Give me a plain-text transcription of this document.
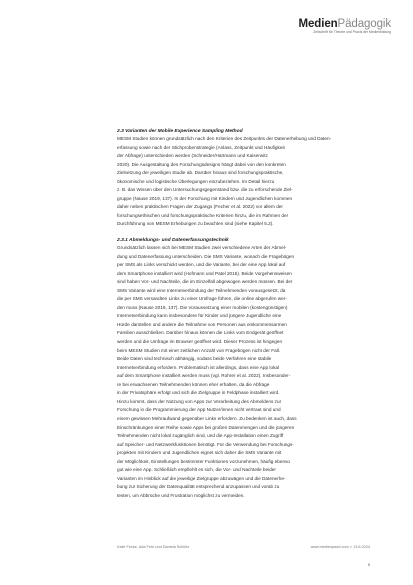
MedienPädagogik
Zeitschrift für Theorie und Praxis der Medienbildung
2.3 Varianten der Mobile Experience Sampling Method
MESM Studien können grundsätzlich nach den Kriterien des Zeitpunkts der Datenerhebung und Daten-
erfassung sowie nach der Stichprobenstrategie (Anlass, Zeitpunkt und Häufigkeit
der Abfrage) unterschieden werden (Schneider/Hartmann und Kaiserwitz
2020). Die Ausgestaltung des Forschungsdesigns hängt dabei von den konkreten
Zielsetzung der jeweiligen Studie ab. Darüber hinaus sind forschungspraktische,
ökonomische und logistische Überlegungen einzubeziehen. Im Detail hierzu
z. B. das Wissen über den Untersuchungsgegenstand bzw. die zu erforschende Ziel-
gruppe (Nause 2019, 137). In der Forschung mit Kindern und Jugendlichen kommen
daher neben praktischen Fragen der Zugangs (Fecher et al. 2022) vor allem der
forschungsethischen und forschungspraktische Kriterien hinzu, die im Rahmen der
Durchführung von MESM Erhebungen zu beachten sind (siehe Kapitel 5.2).
2.3.1 Abmeldungs- und Datenerfassungstechnik
Grundsätzlich lassen sich bei MESM Studien zwei verschiedene Arten der Abmel-
dung und Datenerfassung unterscheiden. Die SMS Variante, wonach die Fragebögen
per SMS als Links verschickt werden, und die Variante, bei der eine App lokal auf
dem Smartphone installiert wird (Hofmann und Patel 2015). Beide Vorgehensweisen
sind haben Vor- und Nachteile, die im Einzelfall abgewogen werden müssen. Bei der
SMS Variante wird eine Internetverbindung der Teilnehmenden vorausgesetzt, da
die per SMS versandten Links zu einer Umfrage führen, die online abgerufen wer-
den muss (Nause 2019, 137). Die Voraussetzung einer mobilen (kostengünstigen)
Internetverbindung kann insbesondere für Kinder und jüngere Jugendliche eine
Hürde darstellen und andere die Teilnahme von Personen aus einkommensarmen
Familien ausschließen. Darüber hinaus können die Links vom Endgerät geöffnet
werden und die Umfrage im Browser geöffnet wird. Dieser Prozess ist hingegen
beim MESM Studien mit einer zeitlichen Anzahl von Fragebögen nicht der Fall.
Beide Daten sind technisch abhängig, sodass beide Verfahren eine stabile
Internetverbindung erfordern. Problematisch ist allerdings, dass eine App lokal
auf dem Smartphone installiert werden muss (vgl. Rohrer et al. 2022). Insbesonder-
re bei erwachsenen Teilnehmenden können eher erhalten, da die Abfrage
in der Privatsphäre erfolgt und sich die Zielgruppe in Feldphase installiert wird.
Hinzu kommt, dass der Nutzung von Apps zur Verarbeitung des Abmeldens zur
Forschung in die Programmierung der App Nutzer/innen nicht vertraut sind und
einem gewissen Mehraufwand gegenüber Links erfordern. Zu bedenken ist auch, dass
Einschränkungen einer Reihe sowie Apps bei großen Datenmengen und die jüngeren
Teilnehmenden nicht lokal zugänglich sind, und die App-Installation einen Zugriff
auf Speicher- und Netzwerkfunktionen benötigt. Für die Verwendung bei Forschungs-
projekten mit Kindern und Jugendlichen eignet sich daher die SMS Variante mit
der Möglichkeit, Einstellungen bestimmter Funktionen vorzunehmen, häufig ebenso
gut wie eine App. Schließlich empfiehlt es sich, die Vor- und Nachteile beider
Varianten im Hinblick auf die jeweilige Zielgruppe abzuwägen und die Datenerhe-
bung zur Sicherung der Datenqualität entsprechend anzupassen und vorab zu
testen, um Abbrüche und Frustration möglichst zu vermeiden.
Kalle Fecke, Ada Fehr und Daniela Schlütz	www.medienpaed.com > 13.6.2024
5
